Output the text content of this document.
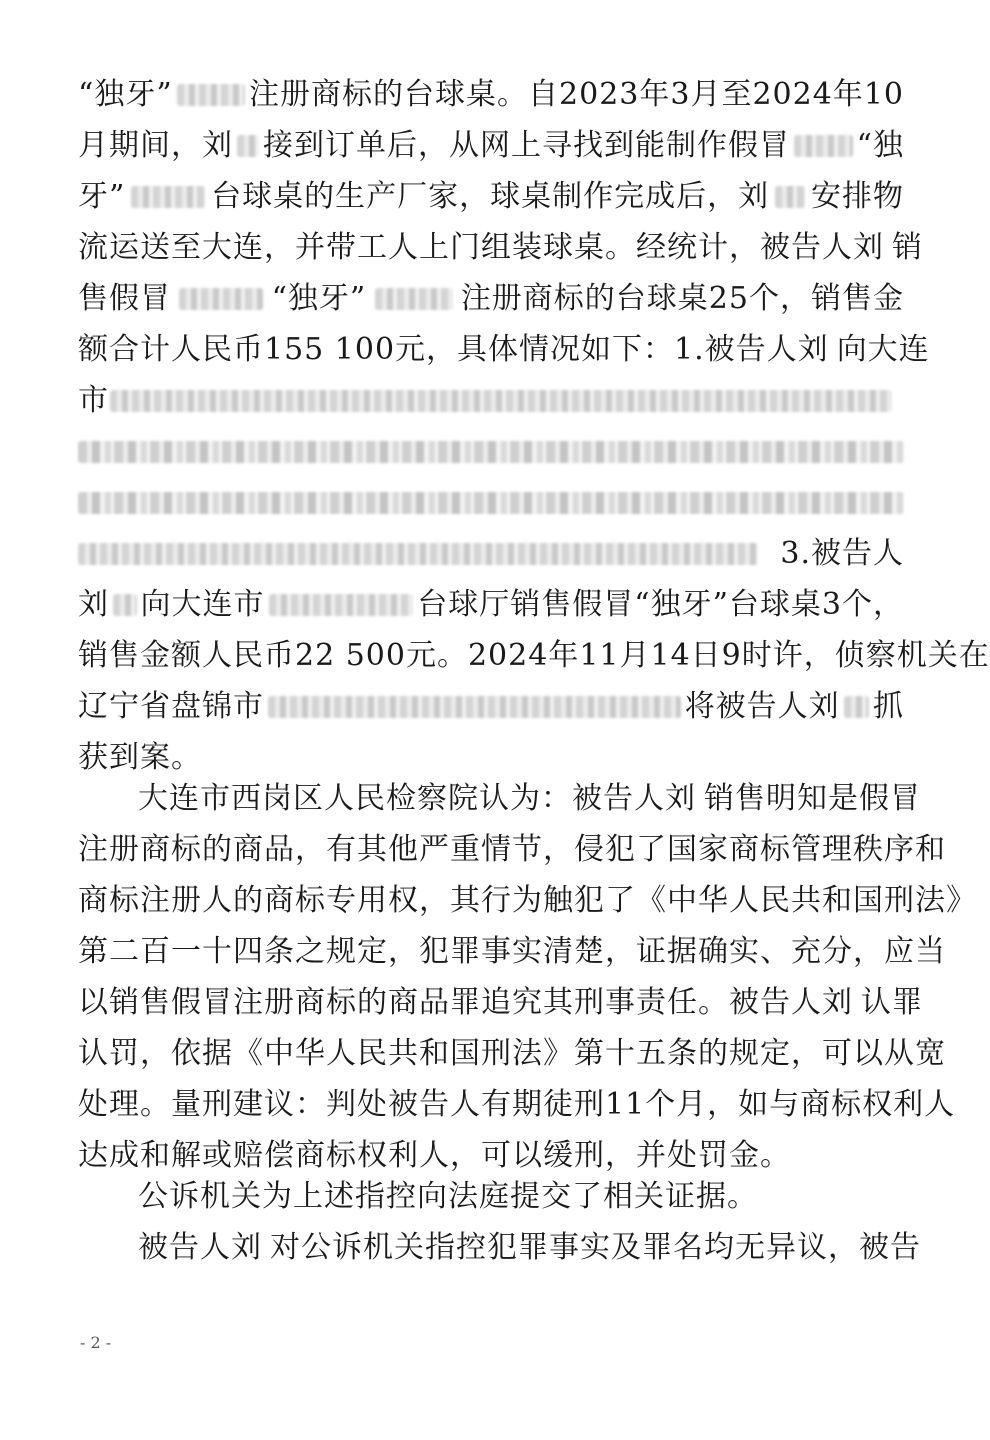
“独牙”	注册商标的台球桌。自2023年3月至2024年10
月期间，刘 接到订单后，从网上寻找到能制作假冒 “独
牙”	台球桌的生产厂家，球桌制作完成后，刘 安排物
流运送至大连，并带工人上门组装球桌。经统计，被告人刘 销
售假冒	“独牙”	注册商标的台球桌25个，销售金
额合计人民币155 100元，具体情况如下：1.被告人刘 向大连
市
3.被告人
刘 向大连市	台球厅销售假冒“独牙”台球桌3个，
销售金额人民币22 500元。2024年11月14日9时许，侦察机关在
辽宁省盘锦市	将被告人刘 抓
获到案。
大连市西岗区人民检察院认为：被告人刘 销售明知是假冒
注册商标的商品，有其他严重情节，侵犯了国家商标管理秩序和
商标注册人的商标专用权，其行为触犯了《中华人民共和国刑法》
第二百一十四条之规定，犯罪事实清楚，证据确实、充分，应当
以销售假冒注册商标的商品罪追究其刑事责任。被告人刘 认罪
认罚，依据《中华人民共和国刑法》第十五条的规定，可以从宽
处理。量刑建议：判处被告人有期徒刑11个月，如与商标权利人
达成和解或赔偿商标权利人，可以缓刑，并处罚金。
公诉机关为上述指控向法庭提交了相关证据。
被告人刘 对公诉机关指控犯罪事实及罪名均无异议，被告
- 2 -
